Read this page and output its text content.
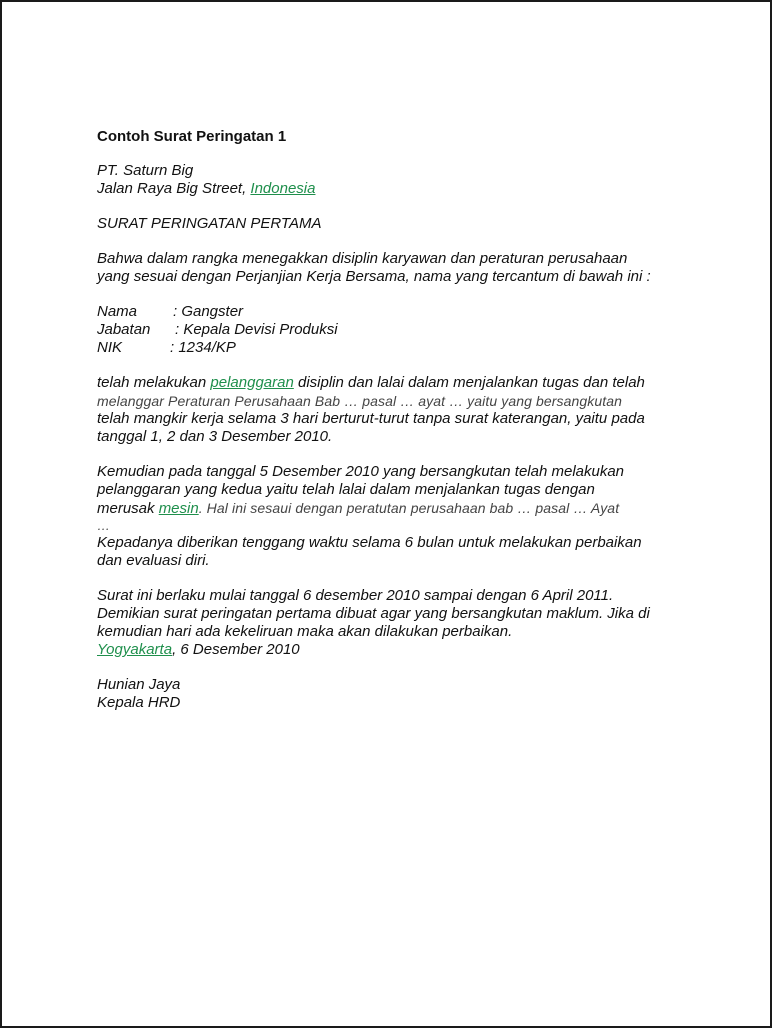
Contoh Surat Peringatan 1
PT. Saturn Big
Jalan Raya Big Street, Indonesia
SURAT PERINGATAN PERTAMA
Bahwa dalam rangka menegakkan disiplin karyawan dan peraturan perusahaan
yang sesuai dengan Perjanjian Kerja Bersama, nama yang tercantum di bawah ini :
Nama	: Gangster
Jabatan	: Kepala Devisi Produksi
NIK	: 1234/KP
telah melakukan pelanggaran disiplin dan lalai dalam menjalankan tugas dan telah
melanggar Peraturan Perusahaan Bab … pasal … ayat … yaitu yang bersangkutan
telah mangkir kerja selama 3 hari berturut-turut tanpa surat katerangan, yaitu pada
tanggal 1, 2 dan 3 Desember 2010.
Kemudian pada tanggal 5 Desember 2010 yang bersangkutan telah melakukan
pelanggaran yang kedua yaitu telah lalai dalam menjalankan tugas dengan
merusak mesin. Hal ini sesaui dengan peratutan perusahaan bab … pasal … Ayat
…
Kepadanya diberikan tenggang waktu selama 6 bulan untuk melakukan perbaikan
dan evaluasi diri.
Surat ini berlaku mulai tanggal 6 desember 2010 sampai dengan 6 April 2011.
Demikian surat peringatan pertama dibuat agar yang bersangkutan maklum. Jika di
kemudian hari ada kekeliruan maka akan dilakukan perbaikan.
Yogyakarta, 6 Desember 2010
Hunian Jaya
Kepala HRD
